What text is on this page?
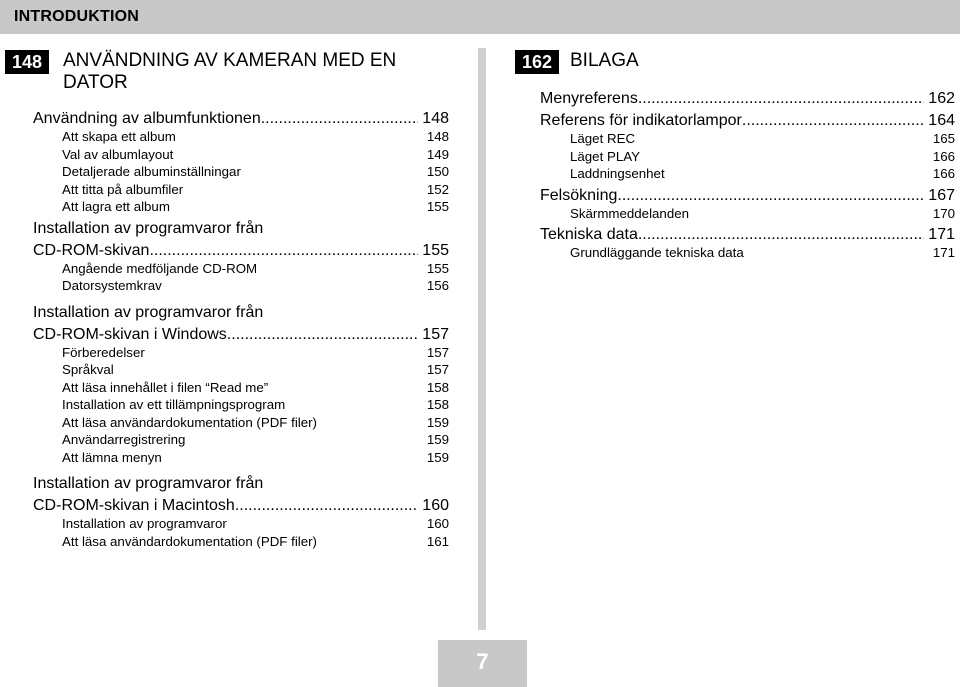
INTRODUKTION
148	ANVÄNDNING AV KAMERAN MED EN DATOR
Användning av albumfunktionen .....	148
Att skapa ett album	148
Val av albumlayout	149
Detaljerade albuminställningar	150
Att titta på albumfiler	152
Att lagra ett album	155
Installation av programvaror från
CD-ROM-skivan .....	155
Angående medföljande CD-ROM	155
Datorsystemkrav	156
Installation av programvaror från
CD-ROM-skivan i Windows .....	157
Förberedelser	157
Språkval	157
Att läsa innehållet i filen “Read me”	158
Installation av ett tillämpningsprogram	158
Att läsa användardokumentation (PDF filer)	159
Användarregistrering	159
Att lämna menyn	159
Installation av programvaror från
CD-ROM-skivan i Macintosh .....	160
Installation av programvaror	160
Att läsa användardokumentation (PDF filer)	161
162 BILAGA
Menyreferens .....	162
Referens för indikatorlampor .....	164
Läget REC	165
Läget PLAY	166
Laddningsenhet	166
Felsökning .....	167
Skärmmeddelanden	170
Tekniska data .....	171
Grundläggande tekniska data	171
7
